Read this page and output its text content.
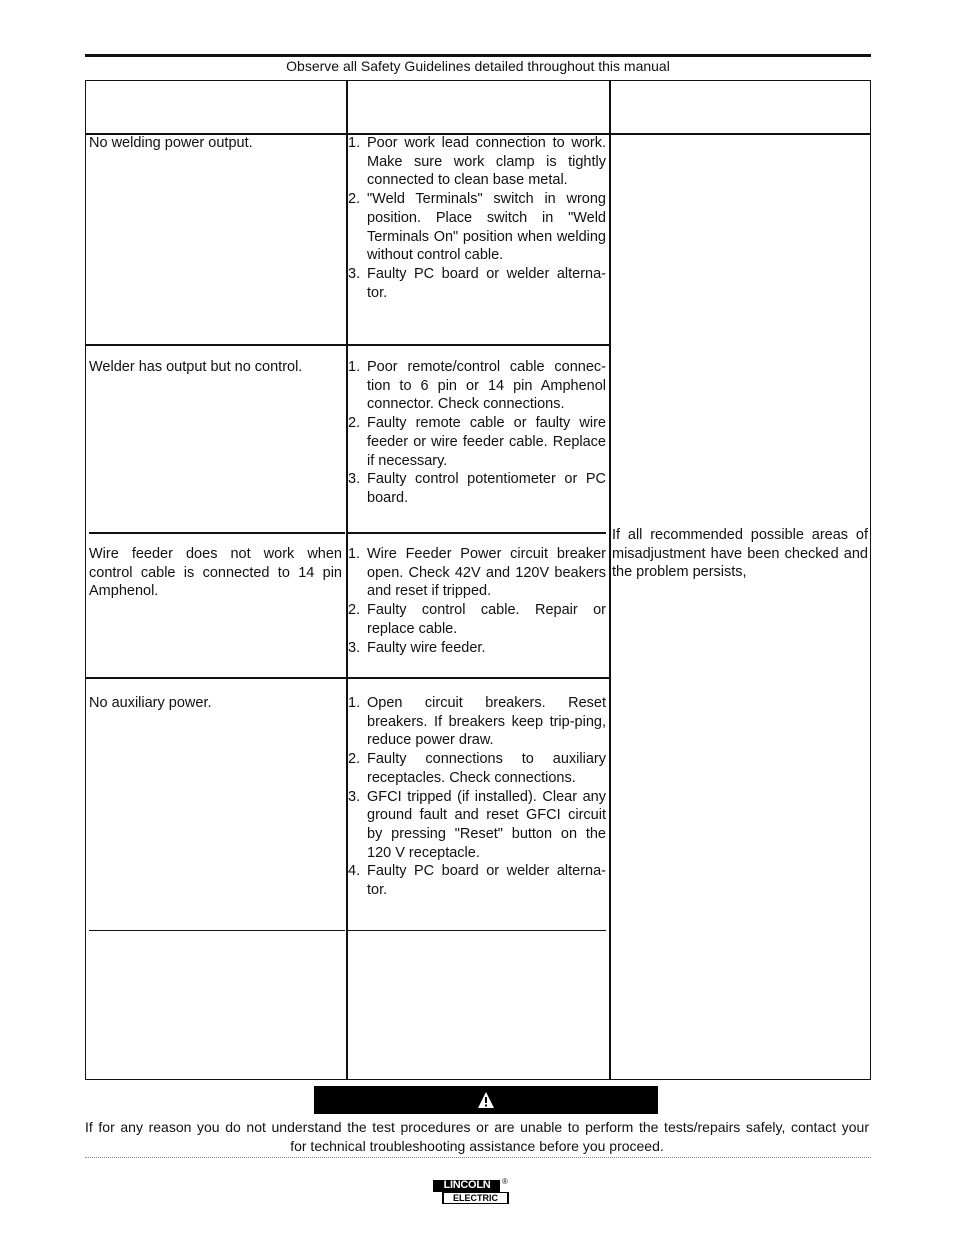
Observe all Safety Guidelines detailed throughout this manual
No welding power output.	1. Poor work lead connection to work. Make sure work clamp is tightly connected to clean base metal.
2. "Weld Terminals" switch in wrong position. Place switch in "Weld Terminals On" position when welding without control cable.
3. Faulty PC board or welder alterna-tor.
Welder has output but no control.	1. Poor remote/control cable connec-tion to 6 pin or 14 pin Amphenol connector. Check connections.
2. Faulty remote cable or faulty wire feeder or wire feeder cable. Replace if necessary.
3. Faulty control potentiometer or PC board.
Wire feeder does not work when control cable is connected to 14 pin Amphenol.
1. Wire Feeder Power circuit breaker open. Check 42V and 120V beakers and reset if tripped.
2. Faulty control cable. Repair or replace cable.
3. Faulty wire feeder.
No auxiliary power.	1. Open circuit breakers. Reset breakers. If breakers keep trip-ping, reduce power draw.
2. Faulty connections to auxiliary receptacles. Check connections.
3. GFCI tripped (if installed). Clear any ground fault and reset GFCI circuit by pressing "Reset" button on the 120 V receptacle.
4. Faulty PC board or welder alterna-tor.
If all recommended possible areas of misadjustment have been checked and the problem persists,
If for any reason you do not understand the test procedures or are unable to perform the tests/repairs safely, contact your
for technical troubleshooting assistance before you proceed.
LINCOLN
ELECTRIC
®
